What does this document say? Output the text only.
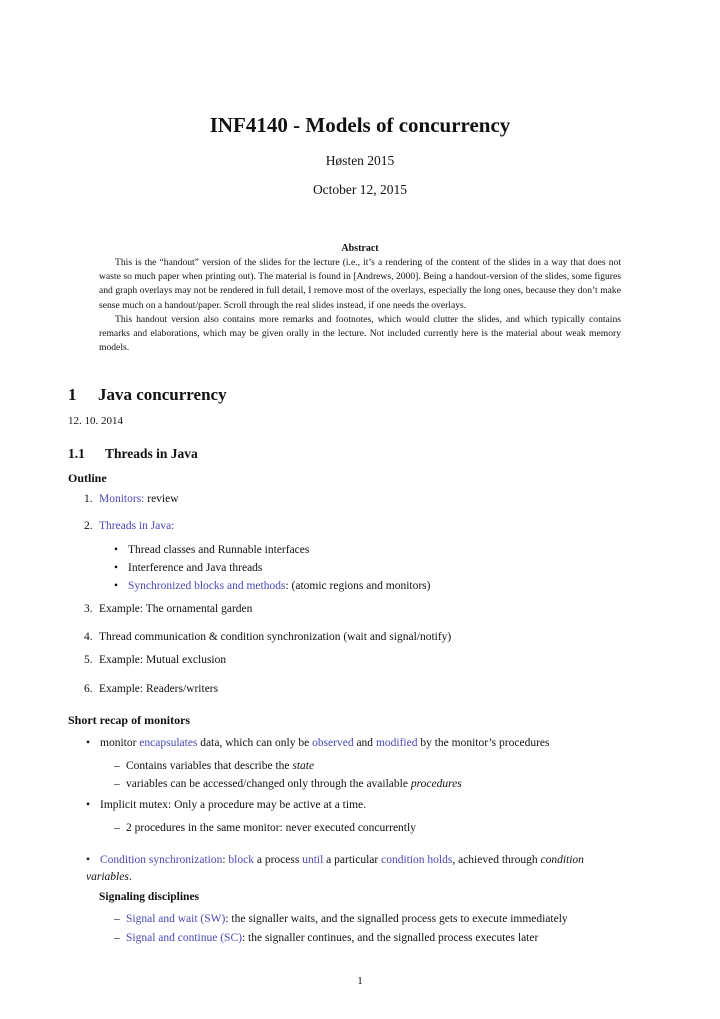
INF4140 - Models of concurrency
Høsten 2015
October 12, 2015
Abstract

This is the “handout” version of the slides for the lecture (i.e., it’s a rendering of the content of the slides in a way that does not waste so much paper when printing out). The material is found in [Andrews, 2000]. Being a handout-version of the slides, some figures and graph overlays may not be rendered in full detail, I remove most of the overlays, especially the long ones, because they don’t make sense much on a handout/paper. Scroll through the real slides instead, if one needs the overlays.

This handout version also contains more remarks and footnotes, which would clutter the slides, and which typically contains remarks and elaborations, which may be given orally in the lecture. Not included currently here is the material about weak memory models.

1 Java concurrency
12. 10. 2014
1.1 Threads in Java
Outline
1. Monitors: review
2. Threads in Java:
• Thread classes and Runnable interfaces
• Interference and Java threads
• Synchronized blocks and methods: (atomic regions and monitors)
3. Example: The ornamental garden
4. Thread communication & condition synchronization (wait and signal/notify)
5. Example: Mutual exclusion
6. Example: Readers/writers
Short recap of monitors
• monitor encapsulates data, which can only be observed and modified by the monitor’s procedures
– Contains variables that describe the state
– variables can be accessed/changed only through the available procedures
• Implicit mutex: Only a procedure may be active at a time.
– 2 procedures in the same monitor: never executed concurrently
• Condition synchronization: block a process until a particular condition holds, achieved through condition
variables.
Signaling disciplines
– Signal and wait (SW): the signaller waits, and the signalled process gets to execute immediately
– Signal and continue (SC): the signaller continues, and the signalled process executes later
1
